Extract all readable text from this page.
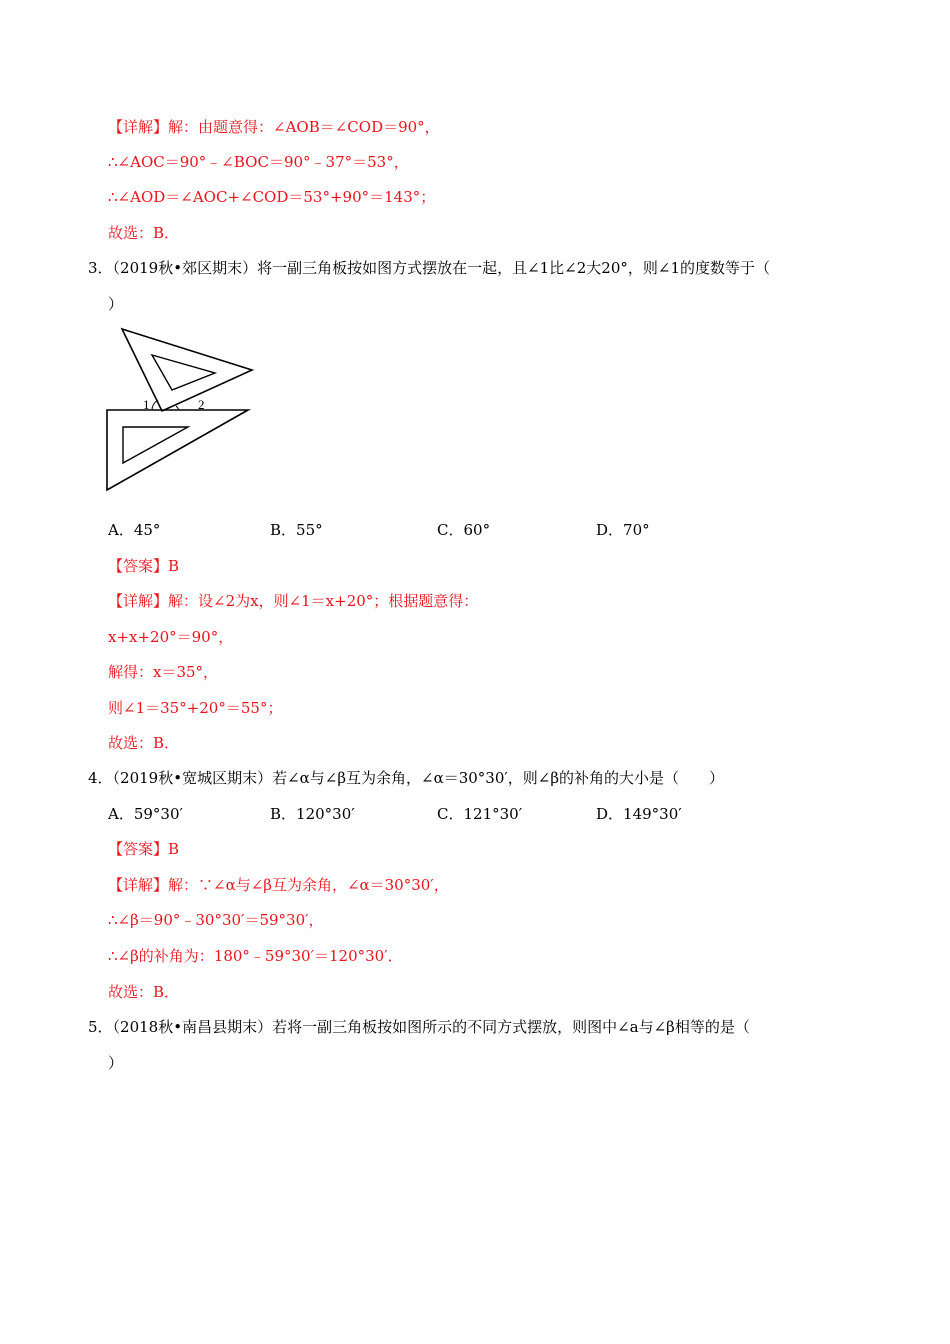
【详解】解：由题意得：∠AOB＝∠COD＝90°，
∴∠AOC＝90°﹣∠BOC＝90°﹣37°＝53°，
∴∠AOD＝∠AOC+∠COD＝53°+90°＝143°；
故选：B．
3．（2019秋•郊区期末）将一副三角板按如图方式摆放在一起，且∠1比∠2大20°，则∠1的度数等于（
）
1	2
A．45°	B．55°	C．60°	D．70°
【答案】B
【详解】解：设∠2为x，则∠1＝x+20°；根据题意得：
x+x+20°＝90°，
解得：x＝35°，
则∠1＝35°+20°＝55°；
故选：B．
4．（2019秋•宽城区期末）若∠α与∠β互为余角，∠α＝30°30′，则∠β的补角的大小是（　　）
A．59°30′	B．120°30′	C．121°30′	D．149°30′
【答案】B
【详解】解：∵∠α与∠β互为余角，∠α＝30°30′，
∴∠β＝90°﹣30°30′＝59°30′，
∴∠β的补角为：180°﹣59°30′＝120°30′．
故选：B．
5．（2018秋•南昌县期末）若将一副三角板按如图所示的不同方式摆放，则图中∠a与∠β相等的是（
）
